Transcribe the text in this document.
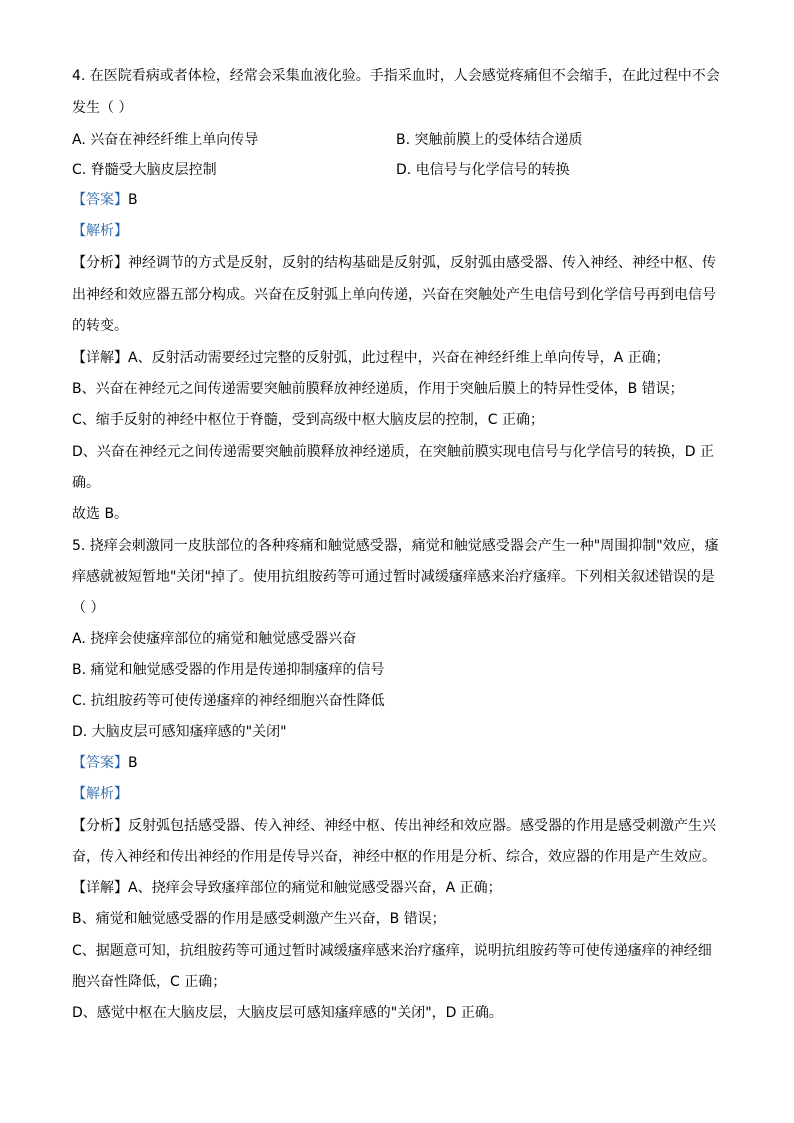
4. 在医院看病或者体检，经常会采集血液化验。手指采血时，人会感觉疼痛但不会缩手，在此过程中不会
发生（ ）
A. 兴奋在神经纤维上单向传导	B. 突触前膜上的受体结合递质
C. 脊髓受大脑皮层控制	D. 电信号与化学信号的转换
【答案】B
【解析】
【分析】神经调节的方式是反射，反射的结构基础是反射弧，反射弧由感受器、传入神经、神经中枢、传
出神经和效应器五部分构成。兴奋在反射弧上单向传递，兴奋在突触处产生电信号到化学信号再到电信号
的转变。
【详解】A、反射活动需要经过完整的反射弧，此过程中，兴奋在神经纤维上单向传导，A 正确；
B、兴奋在神经元之间传递需要突触前膜释放神经递质，作用于突触后膜上的特异性受体，B 错误；
C、缩手反射的神经中枢位于脊髓，受到高级中枢大脑皮层的控制，C 正确；
D、兴奋在神经元之间传递需要突触前膜释放神经递质，在突触前膜实现电信号与化学信号的转换，D 正
确。
故选 B。
5. 挠痒会刺激同一皮肤部位的各种疼痛和触觉感受器，痛觉和触觉感受器会产生一种"周围抑制"效应，瘙
痒感就被短暂地"关闭"掉了。使用抗组胺药等可通过暂时减缓瘙痒感来治疗瘙痒。下列相关叙述错误的是
（ ）
A. 挠痒会使瘙痒部位的痛觉和触觉感受器兴奋
B. 痛觉和触觉感受器的作用是传递抑制瘙痒的信号
C. 抗组胺药等可使传递瘙痒的神经细胞兴奋性降低
D. 大脑皮层可感知瘙痒感的"关闭"
【答案】B
【解析】
【分析】反射弧包括感受器、传入神经、神经中枢、传出神经和效应器。感受器的作用是感受刺激产生兴
奋，传入神经和传出神经的作用是传导兴奋，神经中枢的作用是分析、综合，效应器的作用是产生效应。
【详解】A、挠痒会导致瘙痒部位的痛觉和触觉感受器兴奋，A 正确；
B、痛觉和触觉感受器的作用是感受刺激产生兴奋，B 错误；
C、据题意可知，抗组胺药等可通过暂时减缓瘙痒感来治疗瘙痒，说明抗组胺药等可使传递瘙痒的神经细
胞兴奋性降低，C 正确；
D、感觉中枢在大脑皮层，大脑皮层可感知瘙痒感的"关闭"，D 正确。
